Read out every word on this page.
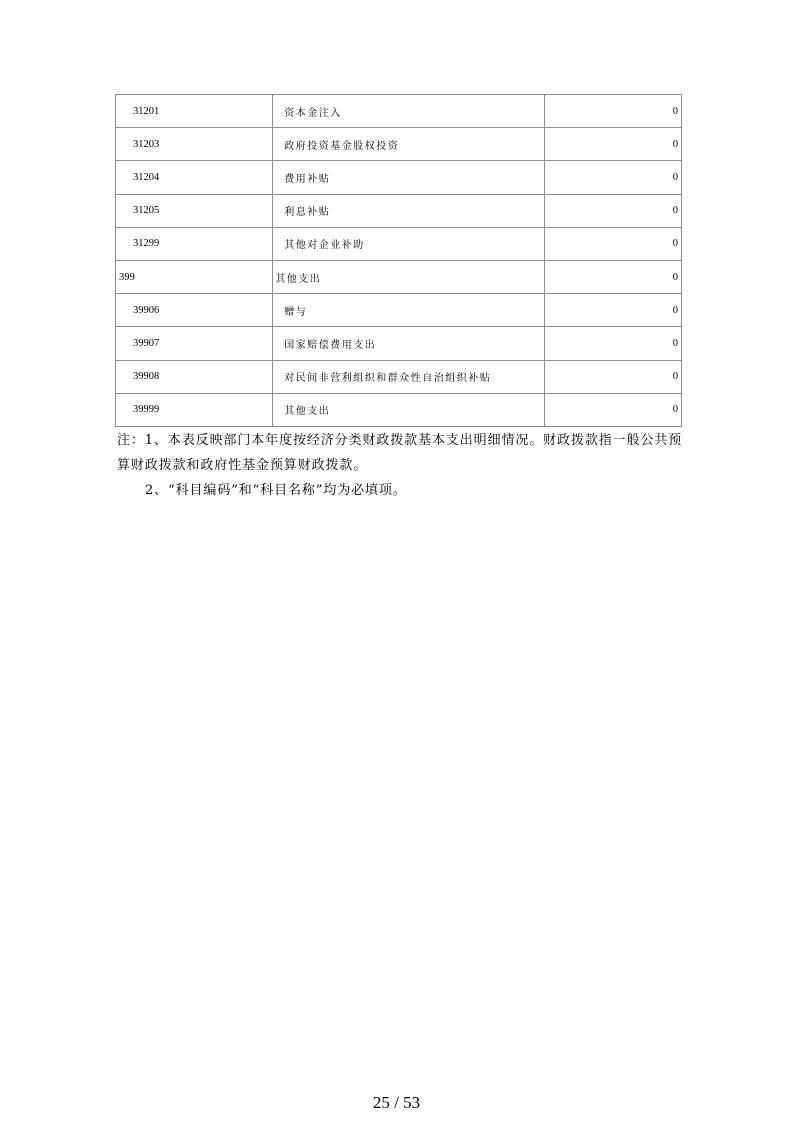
31201	资本金注入	0
31203	政府投资基金股权投资	0
31204	费用补贴	0
31205	利息补贴	0
31299	其他对企业补助	0
399	其他支出	0
39906	赠与	0
39907	国家赔偿费用支出	0
39908	对民间非营利组织和群众性自治组织补贴	0
39999	其他支出	0

注：1、本表反映部门本年度按经济分类财政拨款基本支出明细情况。财政拨款指一般公共预算财政拨款和政府性基金预算财政拨款。

2、“科目编码”和“科目名称”均为必填项。

25 / 53
